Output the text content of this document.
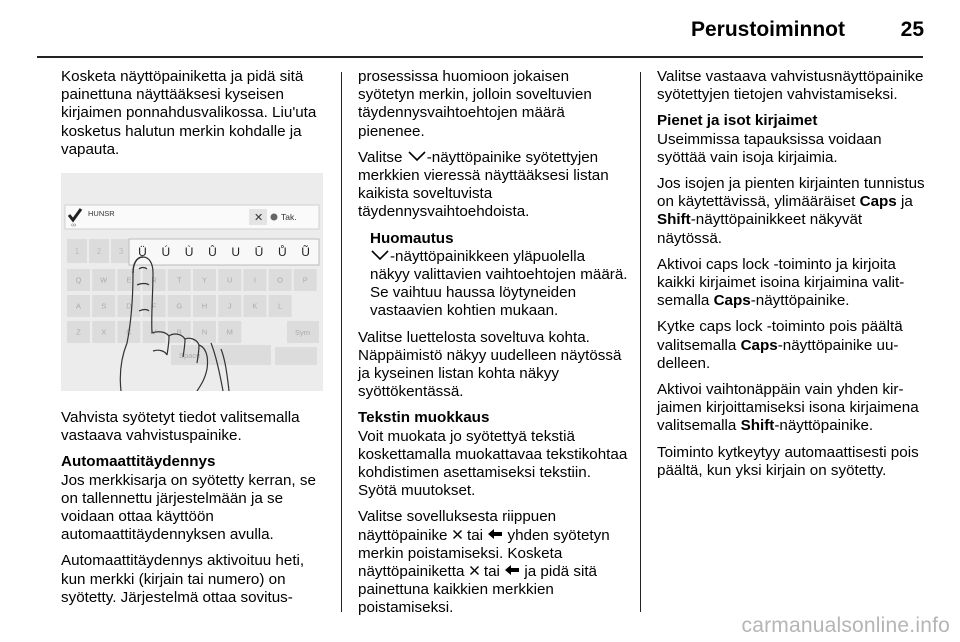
Perustoiminnot	25

Kosketa näyttöpainiketta ja pidä sitä painettuna näyttääksesi kyseisen kirjaimen ponnahdusvalikossa. Liu'uta kosketus halutun merkin kohdalle ja vapauta.

∞
HUNSR	✕ Tak.
1 2 3 Ü Ú Ù Û U Ū Ů Ũ
Q W	E	R	T	Y	U	I	O	P
A	S	D	F	G	H	J	K	L
Z	X	C	V	B	N	M	Sym
Space

Vahvista syötetyt tiedot valitsemalla vastaava vahvistuspainike.

Automaattitäydennys

Jos merkkisarja on syötetty kerran, se on tallennettu järjestelmään ja se voidaan ottaa käyttöön automaattitäydennyksen avulla.

Automaattitäydennys aktivoituu heti, kun merkki (kirjain tai numero) on syötetty. Järjestelmä ottaa sovitus-

prosessissa huomioon jokaisen syötetyn merkin, jolloin soveltuvien täydennysvaihtoehtojen määrä pienenee.

Valitse -näyttöpainike syötettyjen merkkien vieressä näyttääksesi listan kaikista soveltuvista täydennysvaihtoehdoista.

Huomautus
-näyttöpainikkeen yläpuolella näkyy valittavien vaihtoehtojen määrä. Se vaihtuu haussa löytyneiden vastaavien kohtien mukaan.

Valitse luettelosta soveltuva kohta. Näppäimistö näkyy uudelleen näytössä ja kyseinen listan kohta näkyy syöttökentässä.

Tekstin muokkaus

Voit muokata jo syötettyä tekstiä koskettamalla muokattavaa tekstikohtaa kohdistimen asettamiseksi tekstiin. Syötä muutokset.

Valitse sovelluksesta riippuen näyttöpainike tai yhden syötetyn merkin poistamiseksi. Kosketa näyttöpainiketta tai ja pidä sitä painettuna kaikkien merkkien poistamiseksi.

Valitse vastaava vahvistusnäyttöpainike syötettyjen tietojen vahvistamiseksi.

Pienet ja isot kirjaimet

Useimmissa tapauksissa voidaan syöttää vain isoja kirjaimia.

Jos isojen ja pienten kirjainten tunnistus on käytettävissä, ylimääräiset Caps ja Shift-näyttöpainikkeet näkyvät näytössä.

Aktivoi caps lock -toiminto ja kirjoita kaikki kirjaimet isoina kirjaimina valitsemalla Caps-näyttöpainike.

Kytke caps lock -toiminto pois päältä valitsemalla Caps-näyttöpainike uudelleen.

Aktivoi vaihtonäppäin vain yhden kirjaimen kirjoittamiseksi isona kirjaimena valitsemalla Shift-näyttöpainike.

Toiminto kytkeytyy automaattisesti pois päältä, kun yksi kirjain on syötetty.

carmanualsonline.info
